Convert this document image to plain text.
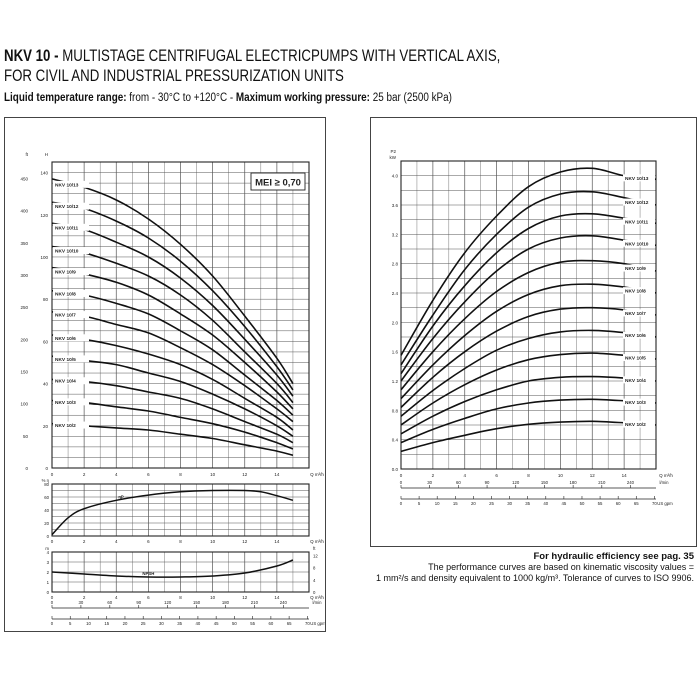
NKV 10 - MULTISTAGE CENTRIFUGAL ELECTRICPUMPS WITH VERTICAL AXIS,
FOR CIVIL AND INDUSTRIAL PRESSURIZATION UNITS
Liquid temperature range: from - 30°C to +120°C - Maximum working pressure: 25 bar (2500 kPa)
0
20
40
60
80
100
120
140
0
50
100
150
200
250
300
350
400
450
H
ft
0	2	4	6	8	10	12	14	Q m³/h
MEI ≥ 0,70
NKV 10/13
NKV 10/12
NKV 10/11
NKV 10/10
NKV 10/9
NKV 10/8
NKV 10/7
NKV 10/6
NKV 10/5
NKV 10/4
NKV 10/3
NKV 10/2
0
20
40
60
80
% η
0	2	4	6	8	10	12	14	Q m³/h
ηP
0
1
2
3
4
m
0
4
8
12
ft
0	2	4	6	8	10	12	14	Q m³/h
NPSH
0	30	60	90	120	150	180	210	240	l/min
0	5	10	15	20	25	30	35	40	45	50	55	60	65	70 US gpm
0.0
0.4
0.8
1.2
1.6
2.0
2.4
2.8
3.2
3.6
4.0
P2
kW
0	2	4	6	8	10	12	14	Q m³/h
NKV 10/13
NKV 10/12
NKV 10/11
NKV 10/10
NKV 10/9
NKV 10/8
NKV 10/7
NKV 10/6
NKV 10/5
NKV 10/4
NKV 10/3
NKV 10/2
0	30	60	90	120	150	180	210	240	l/min
0	5	10	15	20	25	30	35	40	45	50	55	60	65	70 US gpm
For hydraulic efficiency see pag. 35
The performance curves are based on kinematic viscosity values =
1 mm²/s and density equivalent to 1000 kg/m³. Tolerance of curves to ISO 9906.
